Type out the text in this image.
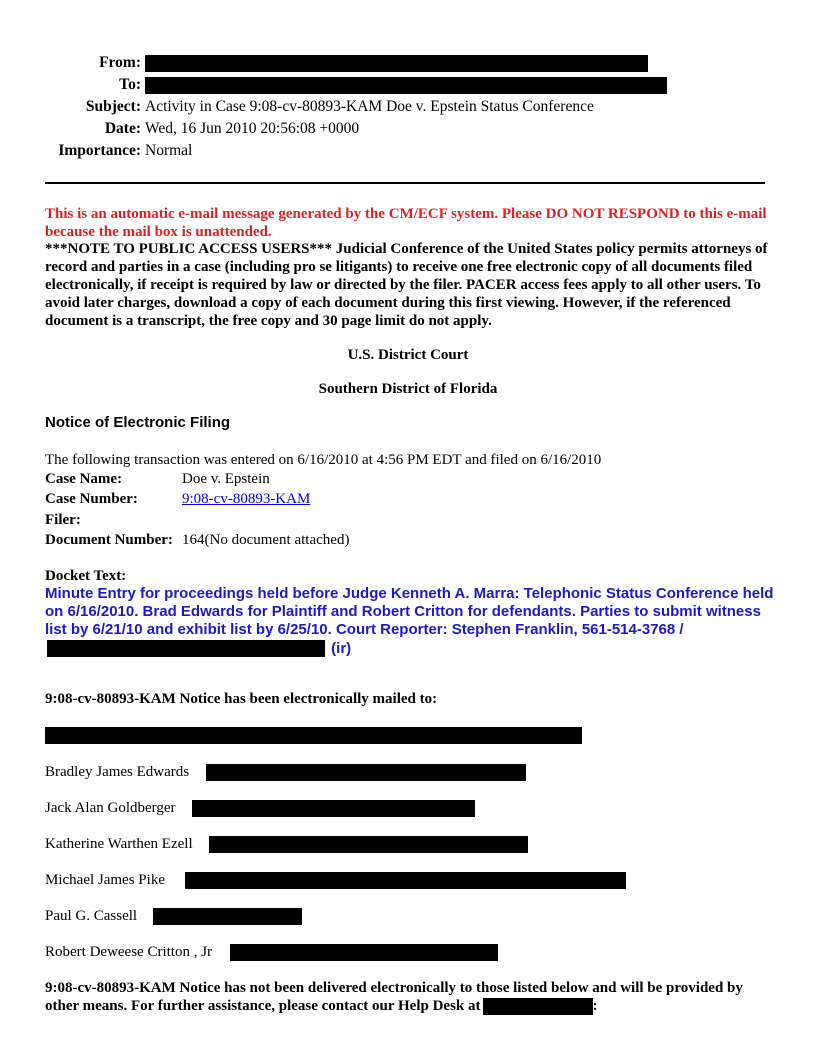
From:
To:
Subject: Activity in Case 9:08-cv-80893-KAM Doe v. Epstein Status Conference
Date: Wed, 16 Jun 2010 20:56:08 +0000
Importance: Normal
This is an automatic e-mail message generated by the CM/ECF system. Please DO NOT RESPOND to this e-mail because the mail box is unattended.
***NOTE TO PUBLIC ACCESS USERS*** Judicial Conference of the United States policy permits attorneys of record and parties in a case (including pro se litigants) to receive one free electronic copy of all documents filed electronically, if receipt is required by law or directed by the filer. PACER access fees apply to all other users. To avoid later charges, download a copy of each document during this first viewing. However, if the referenced document is a transcript, the free copy and 30 page limit do not apply.
U.S. District Court
Southern District of Florida
Notice of Electronic Filing
The following transaction was entered on 6/16/2010 at 4:56 PM EDT and filed on 6/16/2010
Case Name:	Doe v. Epstein
Case Number:	9:08-cv-80893-KAM
Filer:
Document Number: 164(No document attached)
Docket Text:
Minute Entry for proceedings held before Judge Kenneth A. Marra: Telephonic Status Conference held on 6/16/2010. Brad Edwards for Plaintiff and Robert Critton for defendants. Parties to submit witness list by 6/21/10 and exhibit list by 6/25/10. Court Reporter: Stephen Franklin, 561-514-3768 /  (ir)
9:08-cv-80893-KAM Notice has been electronically mailed to:
Bradley James Edwards
Jack Alan Goldberger
Katherine Warthen Ezell
Michael James Pike
Paul G. Cassell
Robert Deweese Critton , Jr
9:08-cv-80893-KAM Notice has not been delivered electronically to those listed below and will be provided by other means. For further assistance, please contact our Help Desk at	:
